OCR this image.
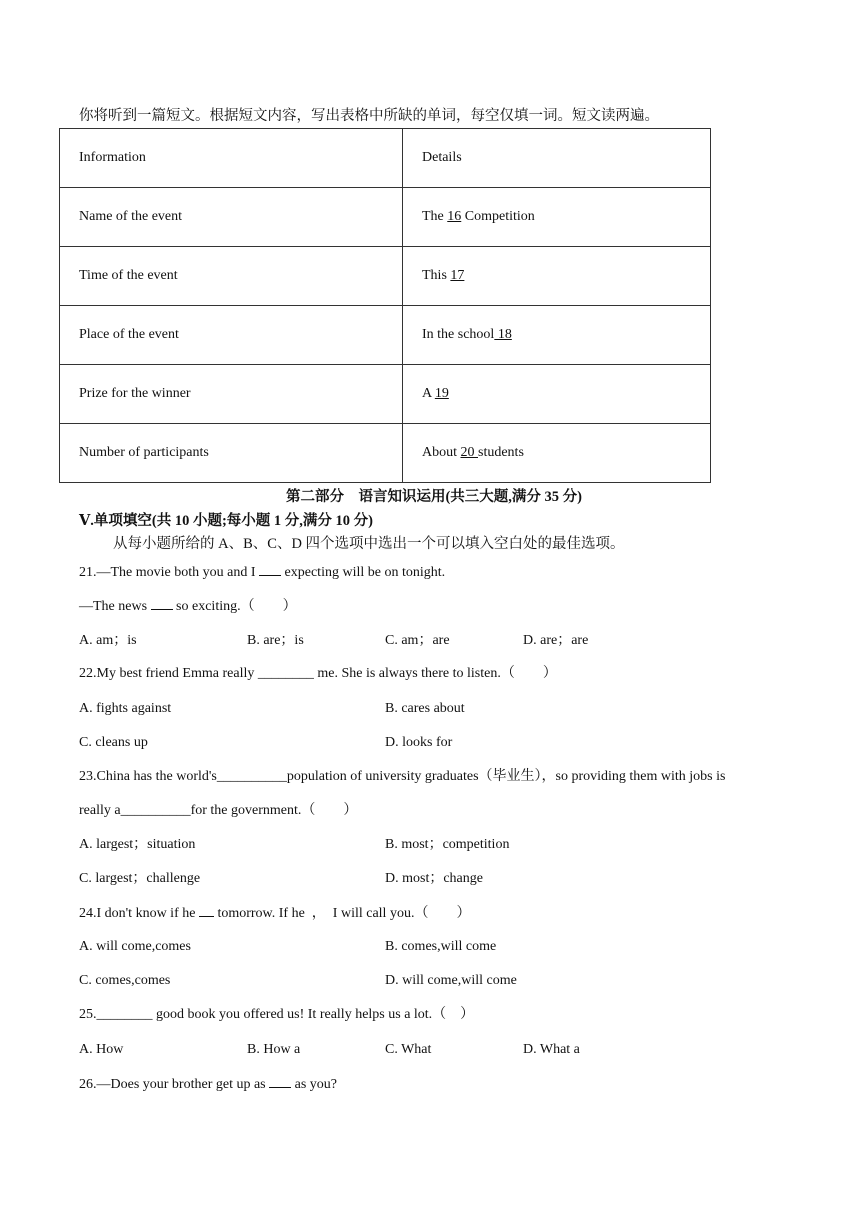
你将听到一篇短文。根据短文内容，写出表格中所缺的单词，每空仅填一词。短文读两遍。
Information	Details
Name of the event	The 16 Competition
Time of the event	This 17
Place of the event	In the school 18
Prize for the winner	A 19
Number of participants	About 20 students
第二部分    语言知识运用(共三大题,满分 35 分)
Ⅴ.单项填空(共 10 小题;每小题 1 分,满分 10 分)
从每小题所给的 A、B、C、D 四个选项中选出一个可以填入空白处的最佳选项。
21.—The movie both you and I  expecting will be on tonight.
—The news  so exciting.（        ）
A. am；is	B. are；is	C. am；are	D. are；are
22.My best friend Emma really ________ me. She is always there to listen.（        ）
A. fights against	B. cares about
C. cleans up	D. looks for
23.China has the world's__________population of university graduates（毕业生），so providing them with jobs is
really a__________for the government.（        ）
A. largest；situation	B. most；competition
C. largest；challenge	D. most；change
24.I don't know if he  tomorrow. If he  ，  I will call you.（        ）
A. will come,comes	B. comes,will come
C. comes,comes	D. will come,will come
25.________ good book you offered us! It really helps us a lot.（    ）
A. How	B. How a	C. What	D. What a
26.—Does your brother get up as  as you?
